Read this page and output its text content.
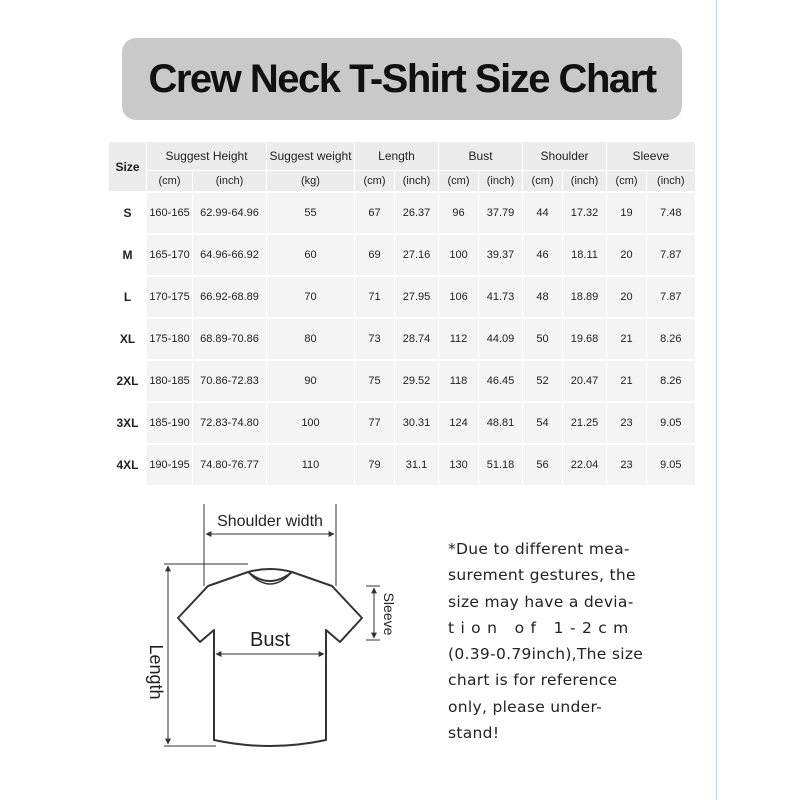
Crew Neck T-Shirt Size Chart
Size	Suggest Height		Suggest weight	Length		Bust		Shoulder		Sleeve	
	(cm)	(inch)	(kg)	(cm)	(inch)	(cm)	(inch)	(cm)	(inch)	(cm)	(inch)
S	160-165	62.99-64.96	55	67	26.37	96	37.79	44	17.32	19	7.48
M	165-170	64.96-66.92	60	69	27.16	100	39.37	46	18.11	20	7.87
L	170-175	66.92-68.89	70	71	27.95	106	41.73	48	18.89	20	7.87
XL	175-180	68.89-70.86	80	73	28.74	112	44.09	50	19.68	21	8.26
2XL	180-185	70.86-72.83	90	75	29.52	118	46.45	52	20.47	21	8.26
3XL	185-190	72.83-74.80	100	77	30.31	124	48.81	54	21.25	23	9.05
4XL	190-195	74.80-76.77	110	79	31.1	130	51.18	56	22.04	23	9.05
Shoulder width
Bust
Length
Sleeve
*Due to different mea-
surement gestures, the
size may have a devia-
tion of 1-2cm
(0.39-0.79inch),The size
chart is for reference
only, please under-
stand!
